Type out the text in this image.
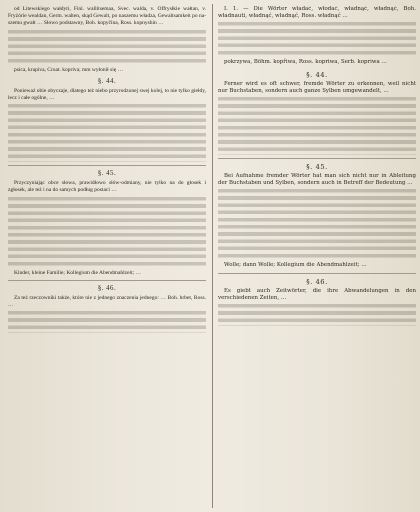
od Litewskiego wałdyti, Finl. wallitsemaa, Svec. walda, v. Offrysłkie wałtan, v. Fryżórie wealdan, Germ. walten, skąd Gewalt, po naszemu władza, Gewaltsamkeit po naszemu gwałt … Słowo podstawny, Boh. kopyčina, Ross. kopnyshin …

psica, krapiva, Croat. kopriva; mm wyłonił się …

§. 44.

Ponieważ obie obyczaje, dlatego też niebo przyrodzonej swej kolej, to nie tylko giełdy, lecz i całe ogólne, …

§. 45.

Przyczyniając obce słowa, prawidłowo słów-odmiany, nie tylko na do głosek i zgłosek, ale też i na do samych podług postaci …

Kinder, kleine Familie; Kollegium die Abendmahlzeit; …

§. 46.

Za też rzeczowniki także, które nie z jednego znaczenia jednego: … Boh. hrbet, Ross. …

I. 1. — Die Wörter władać, włodać, władnąć, władnąć, Boh. władnauti, władnąć, władnąć, Ross. władnąć …

pokrzywa, Böhm. kopřiwa, Ross. kopriwa, Serb. kopriwa …

§. 44.

Ferner wird es oft schwer, fremde Wörter zu erkennen, weil nicht nur Buchstaben, sondern auch ganze Sylben umgewandelt, …

§. 45.

Bei Aufnahme fremder Wörter hat man sich nicht nur in Ableitung der Buchstaben und Sylben, sondern auch in Betreff der Bedeutung …

Wolle; dann Wolle; Kollegium die Abendmahlzeit; …

§. 46.

Es giebt auch Zeitwörter, die ihre Abwandelungen in den verschiedenen Zeiten, …
